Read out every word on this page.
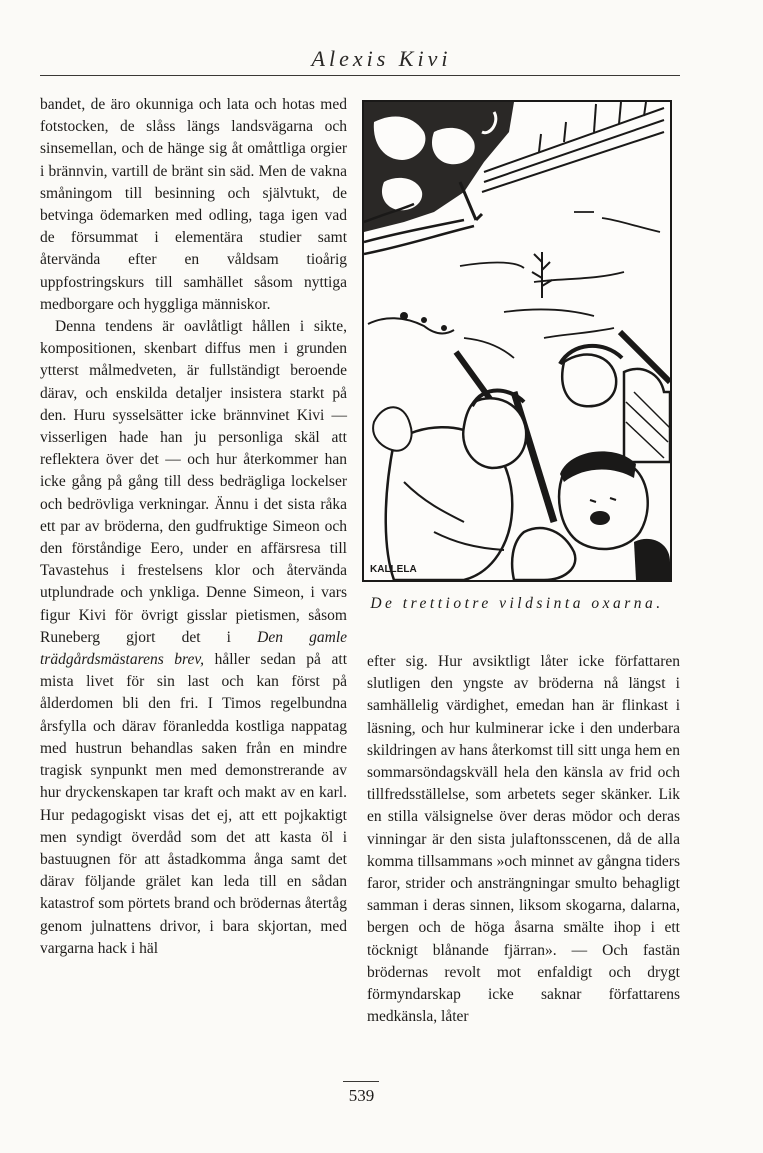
Alexis Kivi

bandet, de äro okunniga och lata och hotas med fotstocken, de slåss längs landsvägarna och sinsemellan, och de hänge sig åt omåttliga orgier i brännvin, vartill de bränt sin säd. Men de vakna småningom till besinning och självtukt, de betvinga ödemarken med odling, taga igen vad de försummat i elementära studier samt återvända efter en våldsam tioårig uppfostringskurs till samhället såsom nyttiga medborgare och hyggliga människor.

Denna tendens är oavlåtligt hållen i sikte, kompositionen, skenbart diffus men i grunden ytterst målmedveten, är fullständigt beroende därav, och enskilda detaljer insistera starkt på den. Huru sysselsätter icke brännvinet Kivi — visserligen hade han ju personliga skäl att reflektera över det — och hur återkommer han icke gång på gång till dess bedrägliga lockelser och bedrövliga verkningar. Ännu i det sista råka ett par av bröderna, den gudfruktige Simeon och den förståndige Eero, under en affärsresa till Tavastehus i frestelsens klor och återvända utplundrade och ynkliga. Denne Simeon, i vars figur Kivi för övrigt gisslar pietismen, såsom Runeberg gjort det i Den gamle trädgårdsmästarens brev, håller sedan på att mista livet för sin last och kan först på ålderdomen bli den fri. I Timos regelbundna årsfylla och därav föranledda kostliga nappatag med hustrun behandlas saken från en mindre tragisk synpunkt men med demonstrerande av hur dryckenskapen tar kraft och makt av en karl. Hur pedagogiskt visas det ej, att ett pojkaktigt men syndigt överdåd som det att kasta öl i bastuugnen för att åstadkomma ånga samt det därav följande grälet kan leda till en sådan katastrof som pörtets brand och brödernas återtåg genom julnattens drivor, i bara skjortan, med vargarna hack i häl

KALLELA
De trettiotre vildsinta oxarna.

efter sig. Hur avsiktligt låter icke författaren slutligen den yngste av bröderna nå längst i samhällelig värdighet, emedan han är flinkast i läsning, och hur kulminerar icke i den underbara skildringen av hans återkomst till sitt unga hem en sommarsöndagskväll hela den känsla av frid och tillfredsställelse, som arbetets seger skänker. Lik en stilla välsignelse över deras mödor och deras vinningar är den sista julaftonsscenen, då de alla komma tillsammans »och minnet av gångna tiders faror, strider och ansträngningar smulto behagligt samman i deras sinnen, liksom skogarna, dalarna, bergen och de höga åsarna smälte ihop i ett töcknigt blånande fjärran». — Och fastän brödernas revolt mot enfaldigt och drygt förmyndarskap icke saknar författarens medkänsla, låter

539
